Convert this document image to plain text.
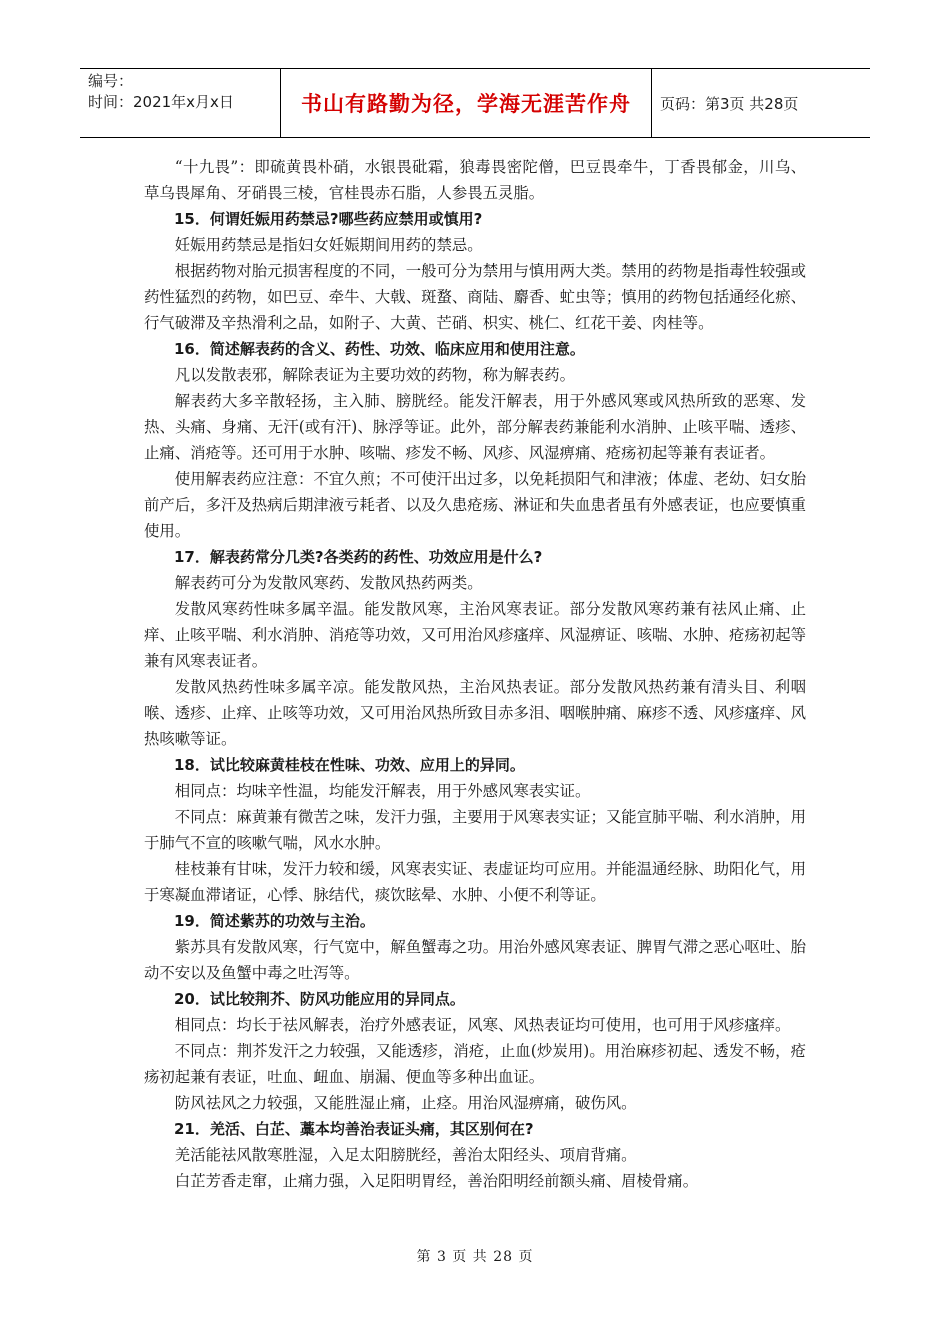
编号：
时间：2021年x月x日	书山有路勤为径，学海无涯苦作舟	页码：第3页 共28页

“十九畏”：即硫黄畏朴硝，水银畏砒霜，狼毒畏密陀僧，巴豆畏牵牛，丁香畏郁金，川乌、草乌畏犀角、牙硝畏三棱，官桂畏赤石脂，人参畏五灵脂。

15．何谓妊娠用药禁忌?哪些药应禁用或慎用?

妊娠用药禁忌是指妇女妊娠期间用药的禁忌。

根据药物对胎元损害程度的不同，一般可分为禁用与慎用两大类。禁用的药物是指毒性较强或药性猛烈的药物，如巴豆、牵牛、大戟、斑蝥、商陆、麝香、虻虫等；慎用的药物包括通经化瘀、行气破滞及辛热滑利之品，如附子、大黄、芒硝、枳实、桃仁、红花干姜、肉桂等。

16．简述解表药的含义、药性、功效、临床应用和使用注意。

凡以发散表邪，解除表证为主要功效的药物，称为解表药。

解表药大多辛散轻扬，主入肺、膀胱经。能发汗解表，用于外感风寒或风热所致的恶寒、发热、头痛、身痛、无汗(或有汗)、脉浮等证。此外，部分解表药兼能利水消肿、止咳平喘、透疹、止痛、消疮等。还可用于水肿、咳喘、疹发不畅、风疹、风湿痹痛、疮疡初起等兼有表证者。

使用解表药应注意：不宜久煎；不可使汗出过多，以免耗损阳气和津液；体虚、老幼、妇女胎前产后，多汗及热病后期津液亏耗者、以及久患疮疡、淋证和失血患者虽有外感表证，也应要慎重使用。

17．解表药常分几类?各类药的药性、功效应用是什么?

解表药可分为发散风寒药、发散风热药两类。

发散风寒药性味多属辛温。能发散风寒，主治风寒表证。部分发散风寒药兼有祛风止痛、止痒、止咳平喘、利水消肿、消疮等功效，又可用治风疹瘙痒、风湿痹证、咳喘、水肿、疮疡初起等兼有风寒表证者。

发散风热药性味多属辛凉。能发散风热，主治风热表证。部分发散风热药兼有清头目、利咽喉、透疹、止痒、止咳等功效，又可用治风热所致目赤多泪、咽喉肿痛、麻疹不透、风疹瘙痒、风热咳嗽等证。

18．试比较麻黄桂枝在性味、功效、应用上的异同。

相同点：均味辛性温，均能发汗解表，用于外感风寒表实证。

不同点：麻黄兼有微苦之味，发汗力强，主要用于风寒表实证；又能宣肺平喘、利水消肿，用于肺气不宣的咳嗽气喘，风水水肿。

桂枝兼有甘味，发汗力较和缓，风寒表实证、表虚证均可应用。并能温通经脉、助阳化气，用于寒凝血滞诸证，心悸、脉结代，痰饮眩晕、水肿、小便不利等证。

19．简述紫苏的功效与主治。

紫苏具有发散风寒，行气宽中，解鱼蟹毒之功。用治外感风寒表证、脾胃气滞之恶心呕吐、胎动不安以及鱼蟹中毒之吐泻等。

20．试比较荆芥、防风功能应用的异同点。

相同点：均长于祛风解表，治疗外感表证，风寒、风热表证均可使用，也可用于风疹瘙痒。

不同点：荆芥发汗之力较强，又能透疹，消疮，止血(炒炭用)。用治麻疹初起、透发不畅，疮疡初起兼有表证，吐血、衄血、崩漏、便血等多种出血证。

防风祛风之力较强，又能胜湿止痛，止痉。用治风湿痹痛，破伤风。

21．羌活、白芷、藁本均善治表证头痛，其区别何在?

羌活能祛风散寒胜湿，入足太阳膀胱经，善治太阳经头、项肩背痛。

白芷芳香走窜，止痛力强，入足阳明胃经，善治阳明经前额头痛、眉棱骨痛。

第 3 页 共 28 页
